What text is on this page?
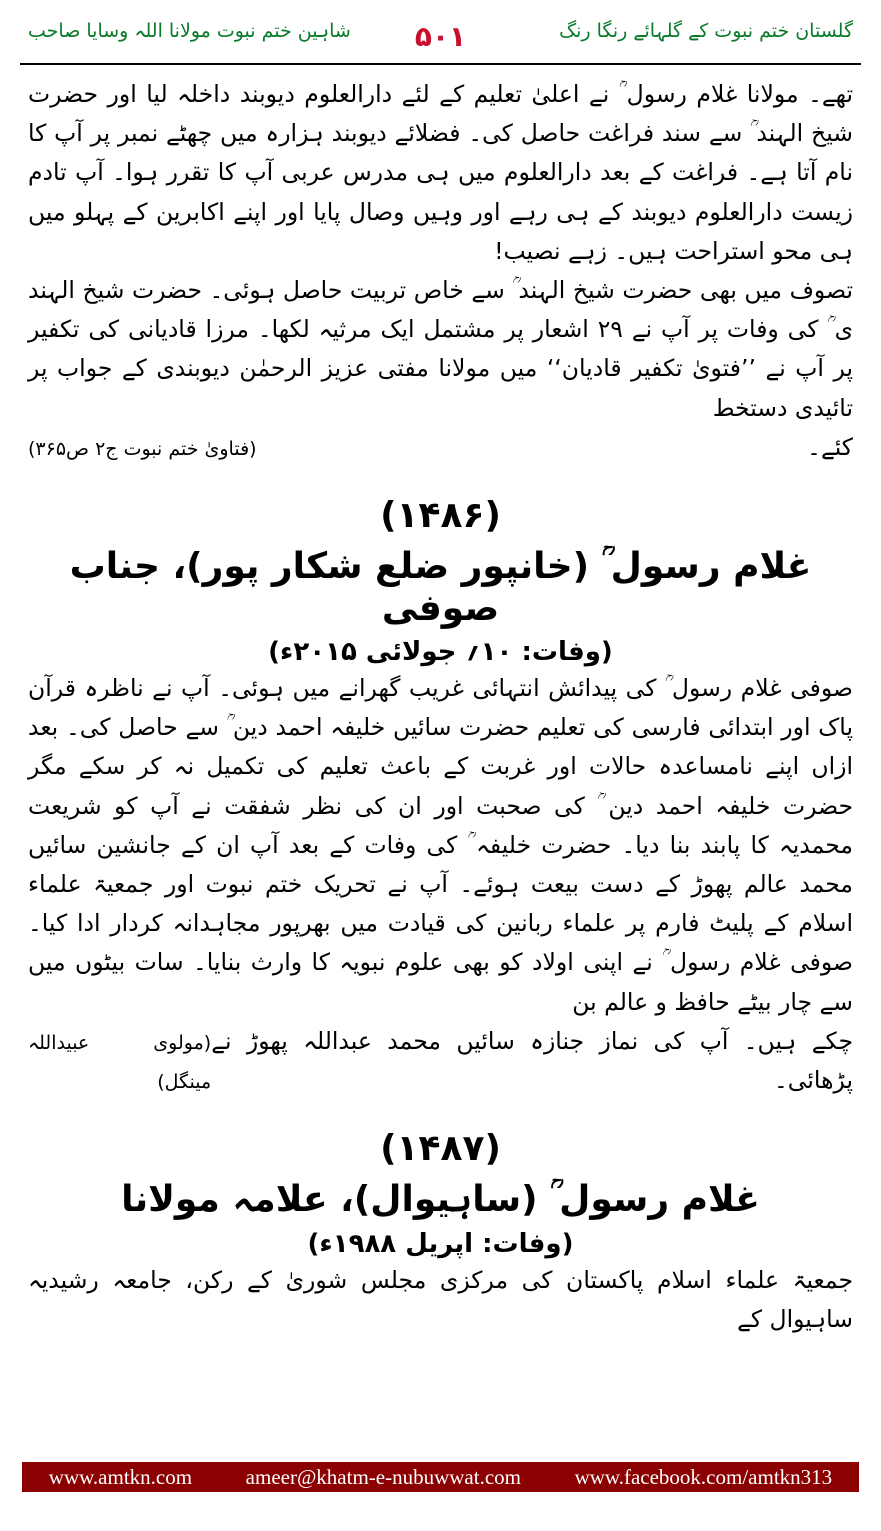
شاہین ختم نبوت مولانا اللہ وسایا صاحب	۵۰۱	گلستان ختم نبوت کے گلہائے رنگا رنگ

تھے۔ مولانا غلام رسول ؒ نے اعلیٰ تعلیم کے لئے دارالعلوم دیوبند داخلہ لیا اور حضرت شیخ الہند ؒ سے سند فراغت حاصل کی۔ فضلائے دیوبند ہزارہ میں چھٹے نمبر پر آپ کا نام آتا ہے۔ فراغت کے بعد دارالعلوم میں ہی مدرس عربی آپ کا تقرر ہوا۔ آپ تادم زیست دارالعلوم دیوبند کے ہی رہے اور وہیں وصال پایا اور اپنے اکابرین کے پہلو میں ہی محو استراحت ہیں۔ زہے نصیب!

تصوف میں بھی حضرت شیخ الہند ؒ سے خاص تربیت حاصل ہوئی۔ حضرت شیخ الہند ی ؒ کی وفات پر آپ نے ۲۹ اشعار پر مشتمل ایک مرثیہ لکھا۔ مرزا قادیانی کی تکفیر پر آپ نے ’’فتویٰ تکفیر قادیان‘‘ میں مولانا مفتی عزیز الرحمٰن دیوبندی کے جواب پر تائیدی دستخط

کئے۔
(فتاویٰ ختم نبوت ج۲ ص۳۶۵)
(۱۴۸۶)
غلام رسول ؒ (خانپور ضلع شکار پور)، جناب صوفی
(وفات: ۱۰؍ جولائی ۲۰۱۵ء)

صوفی غلام رسول ؒ کی پیدائش انتہائی غریب گھرانے میں ہوئی۔ آپ نے ناظرہ قرآن پاک اور ابتدائی فارسی کی تعلیم حضرت سائیں خلیفہ احمد دین ؒ سے حاصل کی۔ بعد ازاں اپنے نامساعدہ حالات اور غربت کے باعث تعلیم کی تکمیل نہ کر سکے مگر حضرت خلیفہ احمد دین ؒ کی صحبت اور ان کی نظر شفقت نے آپ کو شریعت محمدیہ کا پابند بنا دیا۔ حضرت خلیفہ ؒ کی وفات کے بعد آپ ان کے جانشین سائیں محمد عالم پھوڑ کے دست بیعت ہوئے۔ آپ نے تحریک ختم نبوت اور جمعیۃ علماء اسلام کے پلیٹ فارم پر علماء ربانین کی قیادت میں بھرپور مجاہدانہ کردار ادا کیا۔ صوفی غلام رسول ؒ نے اپنی اولاد کو بھی علوم نبویہ کا وارث بنایا۔ سات بیٹوں میں سے چار بیٹے حافظ و عالم بن

چکے ہیں۔ آپ کی نماز جنازہ سائیں محمد عبداللہ پھوڑ نے پڑھائی۔
(مولوی عبیداللہ مینگل)
(۱۴۸۷)
غلام رسول ؒ (ساہیوال)، علامہ مولانا
(وفات: اپریل ۱۹۸۸ء)

جمعیۃ علماء اسلام پاکستان کی مرکزی مجلس شوریٰ کے رکن، جامعہ رشیدیہ ساہیوال کے

www.amtkn.com	ameer@khatm-e-nubuwwat.com	www.facebook.com/amtkn313
